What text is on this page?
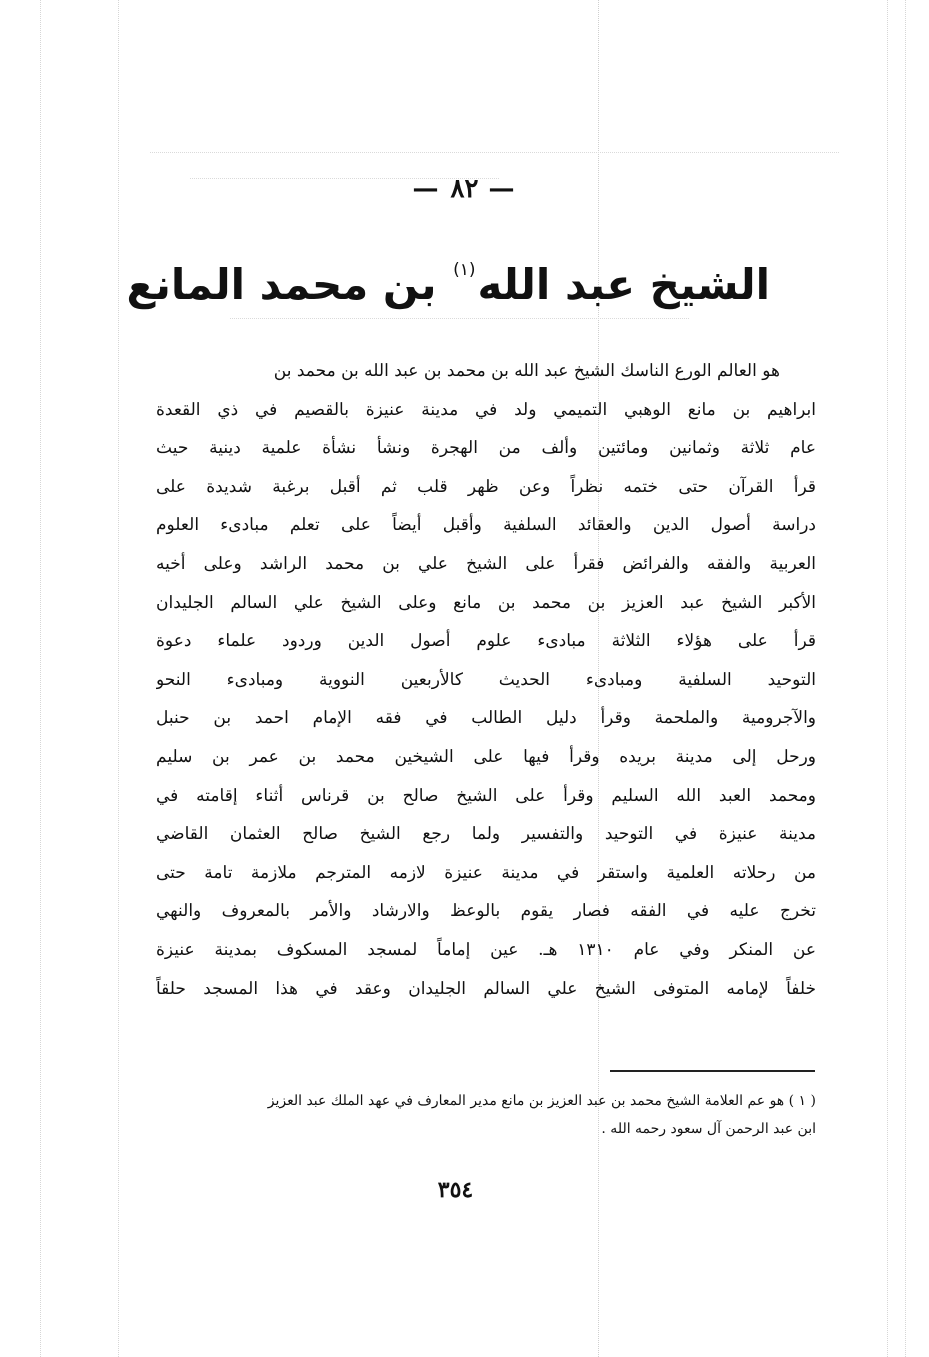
—٨٢—
الشيخ عبد الله$^{(١)}$ بن محمد المانع
هو العالم الورع الناسك الشيخ عبد الله بن محمد بن عبد الله بن محمد بن
ابراهيم بن مانع الوهبي التميمي ولد في مدينة عنيزة بالقصيم في ذي القعدة
عام ثلاثة وثمانين ومائتين وألف من الهجرة ونشأ نشأة علمية دينية حيث
قرأ القرآن حتى ختمه نظراً وعن ظهر قلب ثم أقبل برغبة شديدة على
دراسة أصول الدين والعقائد السلفية وأقبل أيضاً على تعلم مبادىء العلوم
العربية والفقه والفرائض فقرأ على الشيخ علي بن محمد الراشد وعلى أخيه
الأكبر الشيخ عبد العزيز بن محمد بن مانع وعلى الشيخ علي السالم الجليدان
قرأ على هؤلاء الثلاثة مبادىء علوم أصول الدين وردود علماء دعوة
التوحيد السلفية ومبادىء الحديث كالأربعين النووية ومبادىء النحو
والآجرومية والملحمة وقرأ دليل الطالب في فقه الإمام احمد بن حنبل
ورحل إلى مدينة بريده وقرأ فيها على الشيخين محمد بن عمر بن سليم
ومحمد العبد الله السليم وقرأ على الشيخ صالح بن قرناس أثناء إقامته في
مدينة عنيزة في التوحيد والتفسير ولما رجع الشيخ صالح العثمان القاضي
من رحلاته العلمية واستقر في مدينة عنيزة لازمه المترجم ملازمة تامة حتى
تخرج عليه في الفقه فصار يقوم بالوعظ والارشاد والأمر بالمعروف والنهي
عن المنكر وفي عام ١٣١٠ هـ. عين إماماً لمسجد المسكوف بمدينة عنيزة
خلفاً لإمامه المتوفى الشيخ علي السالم الجليدان وعقد في هذا المسجد حلقاً
( ١ ) هو عم العلامة الشيخ محمد بن عبد العزيز بن مانع مدير المعارف في عهد الملك عبد العزيز
ابن عبد الرحمن آل سعود رحمه الله .
٣٥٤
